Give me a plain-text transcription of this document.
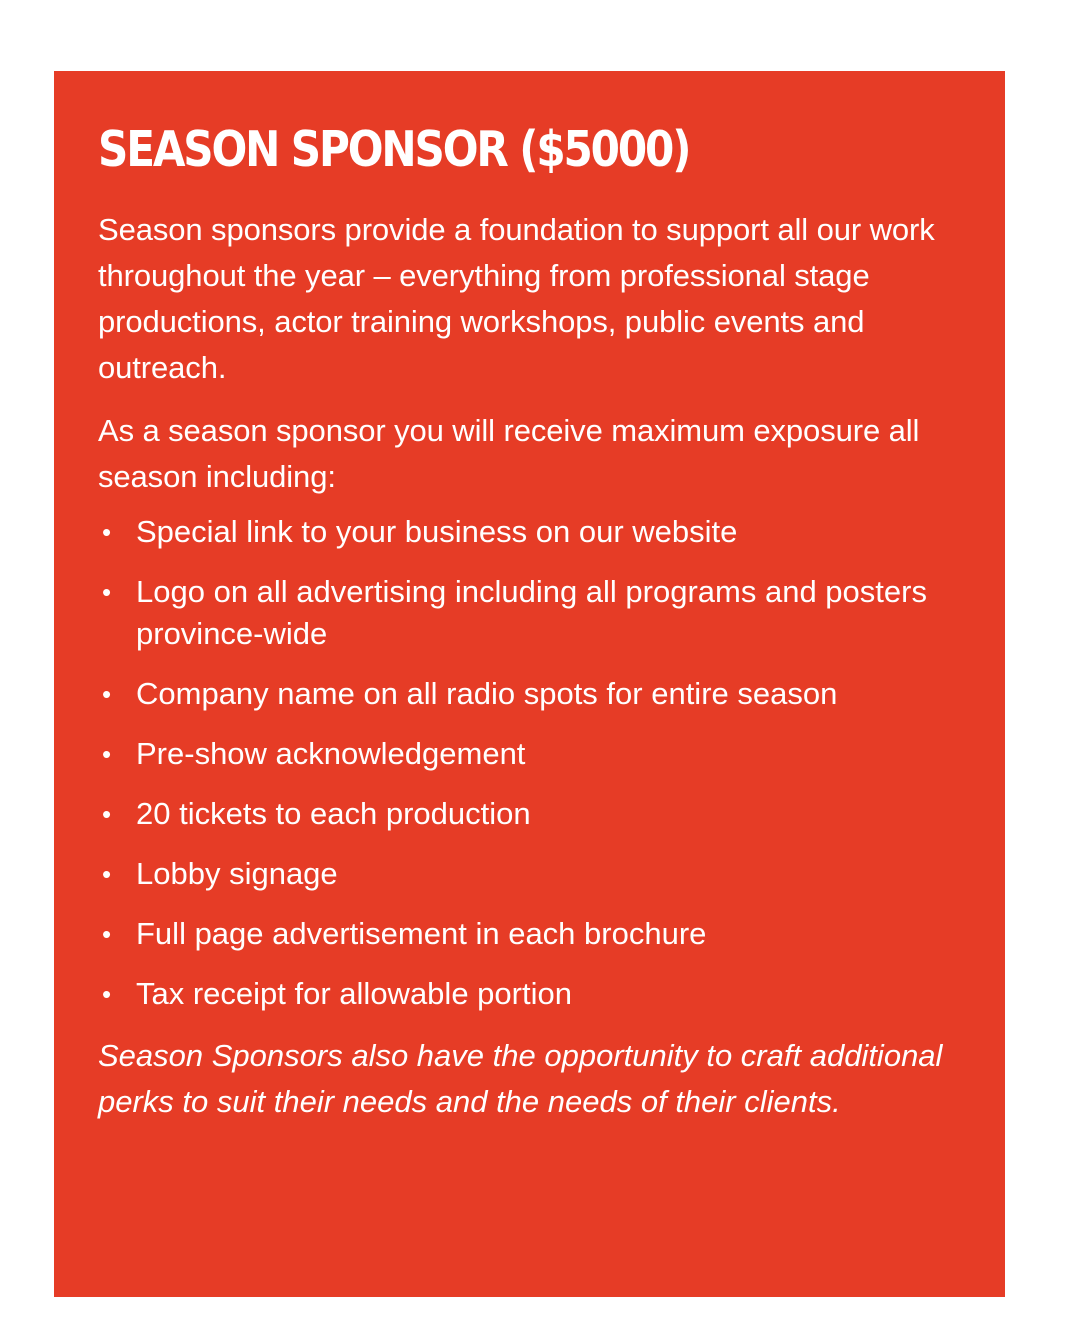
SEASON SPONSOR ($5000)

Season sponsors provide a foundation to support all our work throughout the year – everything from professional stage productions, actor training workshops, public events and outreach.

As a season sponsor you will receive maximum exposure all season including:

• Special link to your business on our website
• Logo on all advertising including all programs and posters province-wide
• Company name on all radio spots for entire season
• Pre-show acknowledgement
• 20 tickets to each production
• Lobby signage
• Full page advertisement in each brochure
• Tax receipt for allowable portion

Season Sponsors also have the opportunity to craft additional perks to suit their needs and the needs of their clients.
